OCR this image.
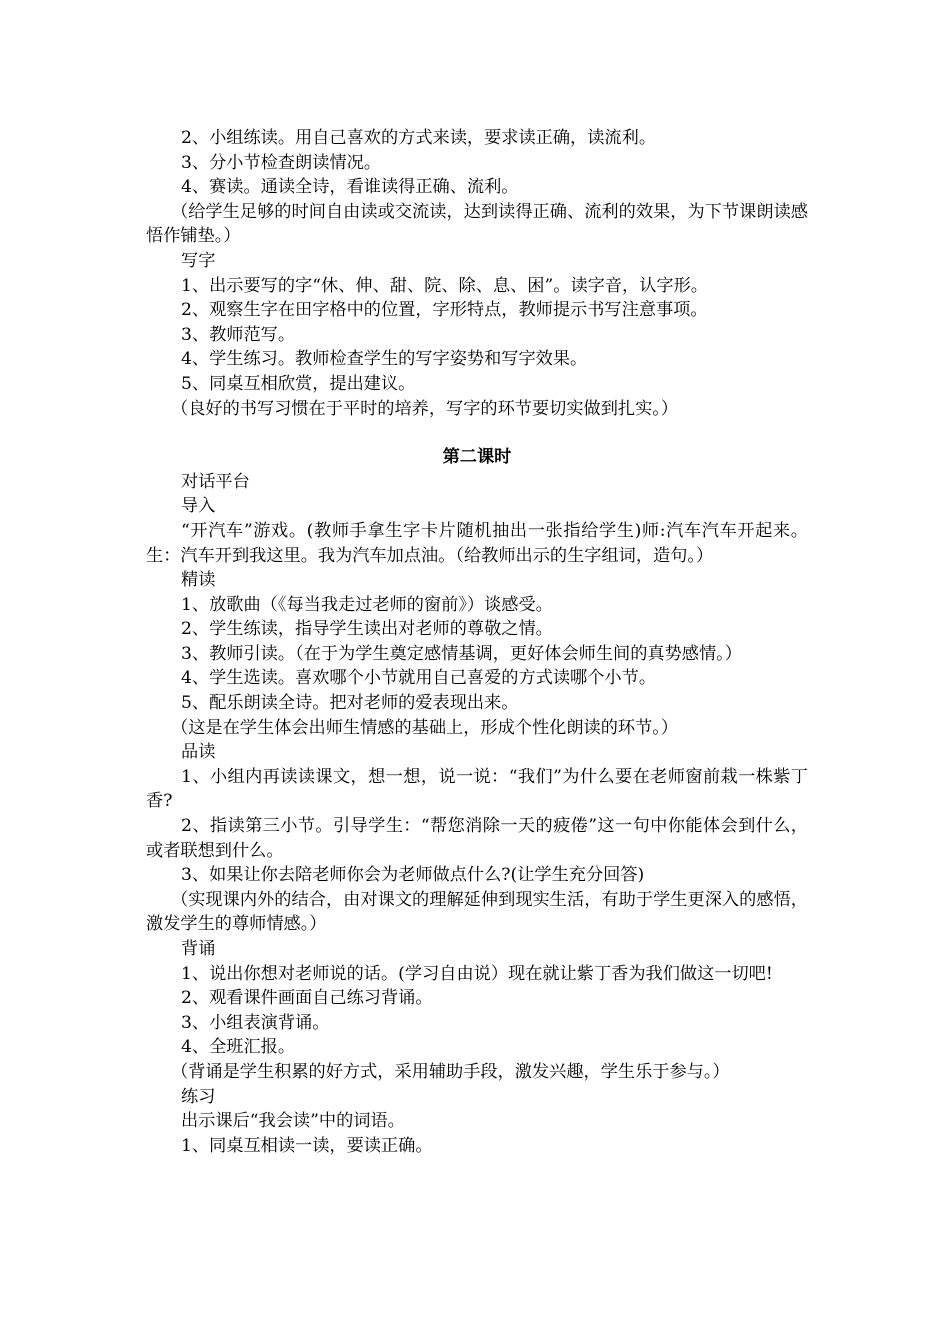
2、小组练读。用自己喜欢的方式来读，要求读正确，读流利。

3、分小节检查朗读情况。

4、赛读。通读全诗，看谁读得正确、流利。

（给学生足够的时间自由读或交流读，达到读得正确、流利的效果，为下节课朗读感悟作铺垫。）

写字

1、出示要写的字“休、伸、甜、院、除、息、困”。读字音，认字形。

2、观察生字在田字格中的位置，字形特点，教师提示书写注意事项。

3、教师范写。

4、学生练习。教师检查学生的写字姿势和写字效果。

5、同桌互相欣赏，提出建议。

（良好的书写习惯在于平时的培养，写字的环节要切实做到扎实。）

第二课时

对话平台

导入

“开汽车”游戏。(教师手拿生字卡片随机抽出一张指给学生)师:汽车汽车开起来。生：汽车开到我这里。我为汽车加点油。（给教师出示的生字组词，造句。）

精读

1、放歌曲（《每当我走过老师的窗前》）谈感受。

2、学生练读，指导学生读出对老师的尊敬之情。

3、教师引读。（在于为学生奠定感情基调，更好体会师生间的真势感情。）

4、学生选读。喜欢哪个小节就用自己喜爱的方式读哪个小节。

5、配乐朗读全诗。把对老师的爱表现出来。

（这是在学生体会出师生情感的基础上，形成个性化朗读的环节。）

品读

1、小组内再读读课文，想一想，说一说：“我们”为什么要在老师窗前栽一株紫丁香?

2、指读第三小节。引导学生：“帮您消除一天的疲倦”这一句中你能体会到什么，或者联想到什么。

3、如果让你去陪老师你会为老师做点什么?(让学生充分回答)

（实现课内外的结合，由对课文的理解延伸到现实生活，有助于学生更深入的感悟，激发学生的尊师情感。）

背诵

1、说出你想对老师说的话。(学习自由说）现在就让紫丁香为我们做这一切吧!

2、观看课件画面自己练习背诵。

3、小组表演背诵。

4、全班汇报。

（背诵是学生积累的好方式，采用辅助手段，激发兴趣，学生乐于参与。）

练习

出示课后“我会读”中的词语。

1、同桌互相读一读，要读正确。
